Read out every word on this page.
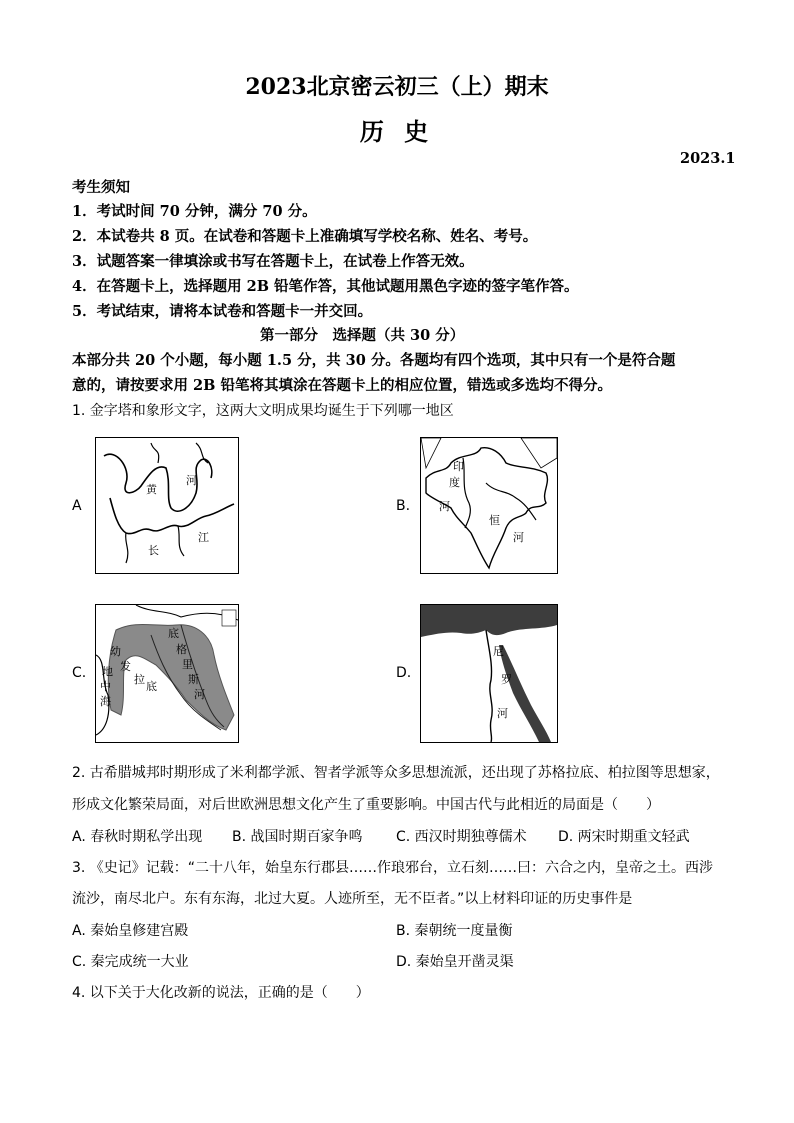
2023北京密云初三（上）期末
历 史
2023.1
考生须知
1．考试时间 70 分钟，满分 70 分。
2．本试卷共 8 页。在试卷和答题卡上准确填写学校名称、姓名、考号。
3．试题答案一律填涂或书写在答题卡上，在试卷上作答无效。
4．在答题卡上，选择题用 2B 铅笔作答，其他试题用黑色字迹的签字笔作答。
5．考试结束，请将本试卷和答题卡一并交回。
第一部分　选择题（共 30 分）
本部分共 20 个小题，每小题 1.5 分，共 30 分。各题均有四个选项，其中只有一个是符合题
意的，请按要求用 2B 铅笔将其填涂在答题卡上的相应位置，错选或多选均不得分。
1. 金字塔和象形文字，这两大文明成果均诞生于下列哪一地区
A
黄
河
长
江
B.
印
度
河
恒
河
C.
幼
发
拉
底
底
格
里
斯
河
地
中
海
D.
尼
罗
河
2. 古希腊城邦时期形成了米利都学派、智者学派等众多思想流派，还出现了苏格拉底、柏拉图等思想家，
形成文化繁荣局面，对后世欧洲思想文化产生了重要影响。中国古代与此相近的局面是（　　）
A. 春秋时期私学出现 B. 战国时期百家争鸣 C. 西汉时期独尊儒术 D. 两宋时期重文轻武
3. 《史记》记载：“二十八年，始皇东行郡县……作琅邪台，立石刻……曰：六合之内，皇帝之土。西涉
流沙，南尽北户。东有东海，北过大夏。人迹所至，无不臣者。”以上材料印证的历史事件是
A. 秦始皇修建宫殿	B. 秦朝统一度量衡
C. 秦完成统一大业	D. 秦始皇开凿灵渠
4. 以下关于大化改新的说法，正确的是（　　）
